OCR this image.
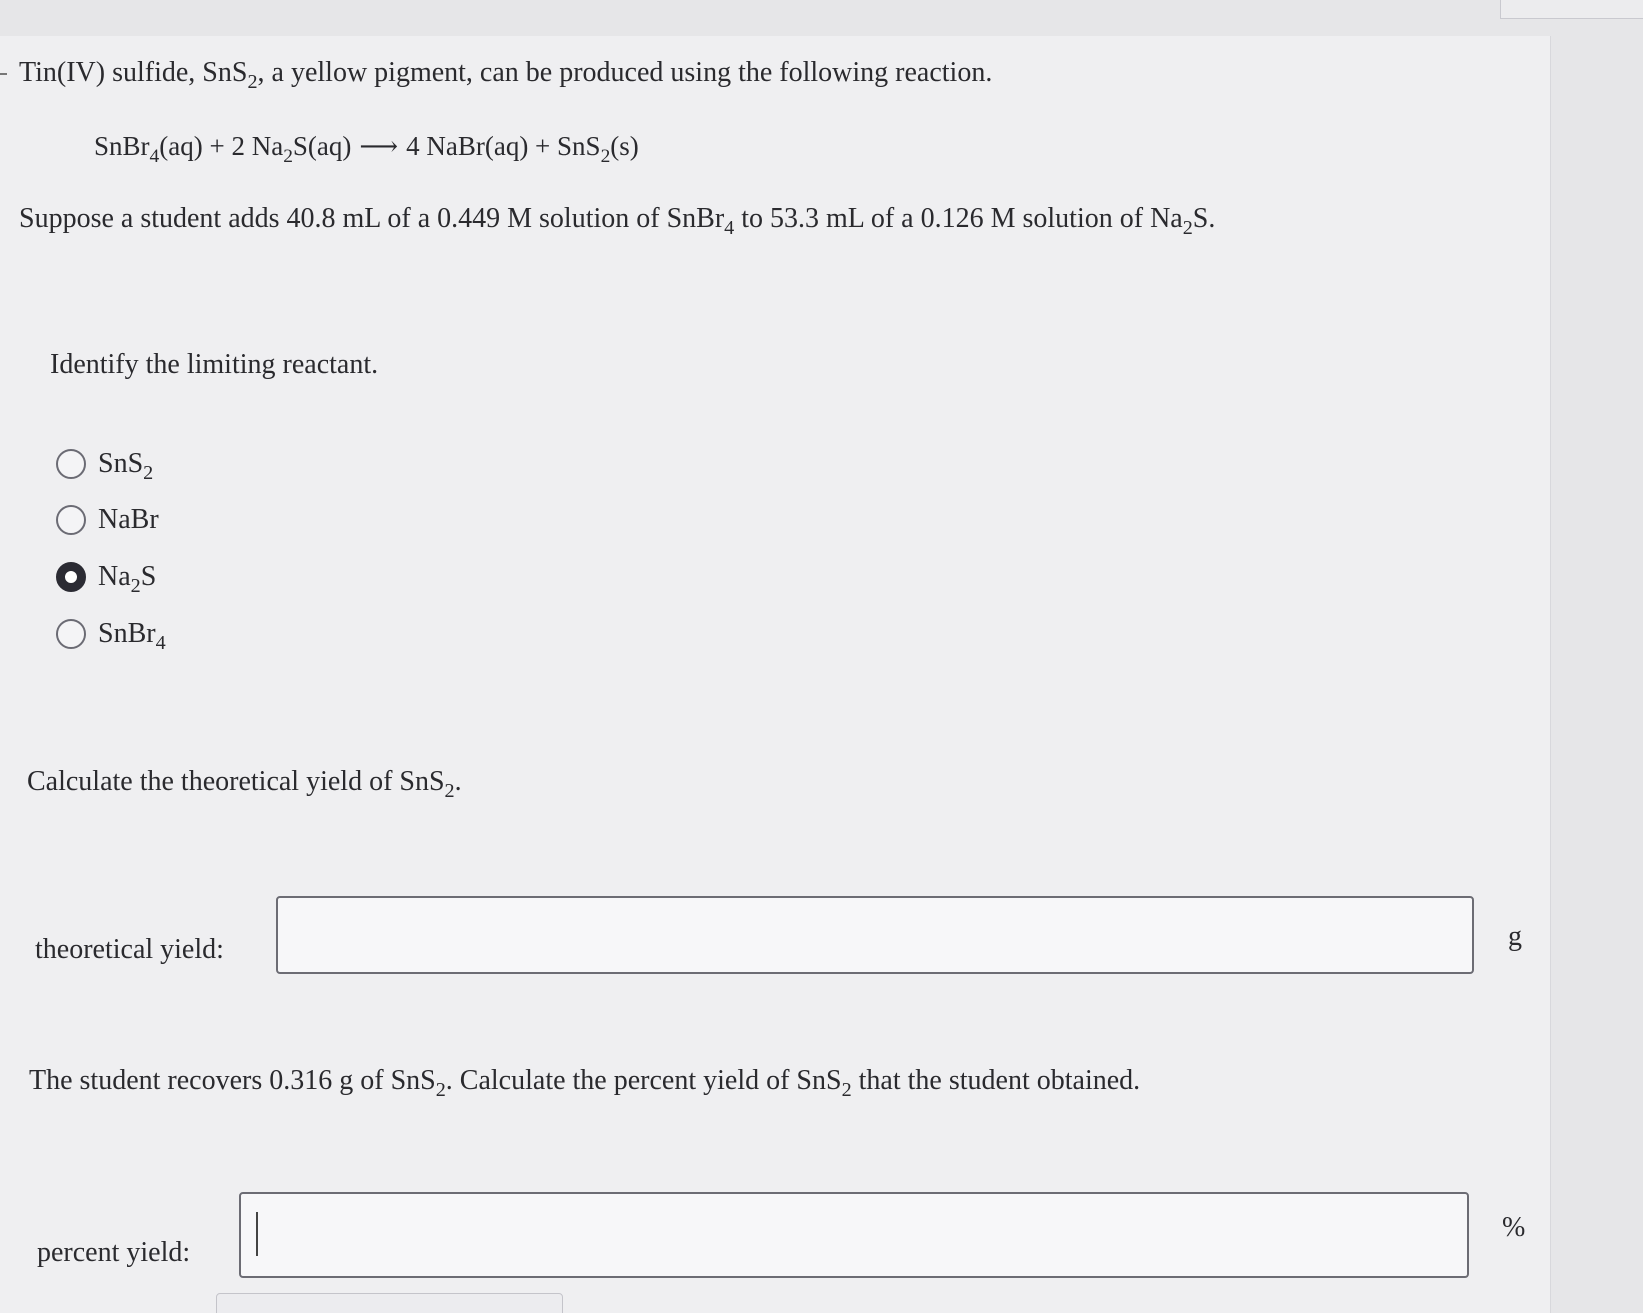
Tin(IV) sulfide, SnS$_2$, a yellow pigment, can be produced using the following reaction.
SnBr$_4$(aq) + 2 $Na_2S(aq)$ ⟶ 4 NaBr(aq) + SnS$_2$(s)
Suppose a student adds 40.8 mL of a 0.449 M solution of SnBr$_4$ to 53.3 mL of a 0.126 M solution of $Na_2S$.
Identify the limiting reactant.
SnS$_2$
NaBr
$Na_2S$
SnBr$_4$
Calculate the theoretical yield of SnS$_2$.
theoretical yield:	g
The student recovers 0.316 g of SnS$_2$. Calculate the percent yield of SnS$_2$ that the student obtained.
percent yield:
%
